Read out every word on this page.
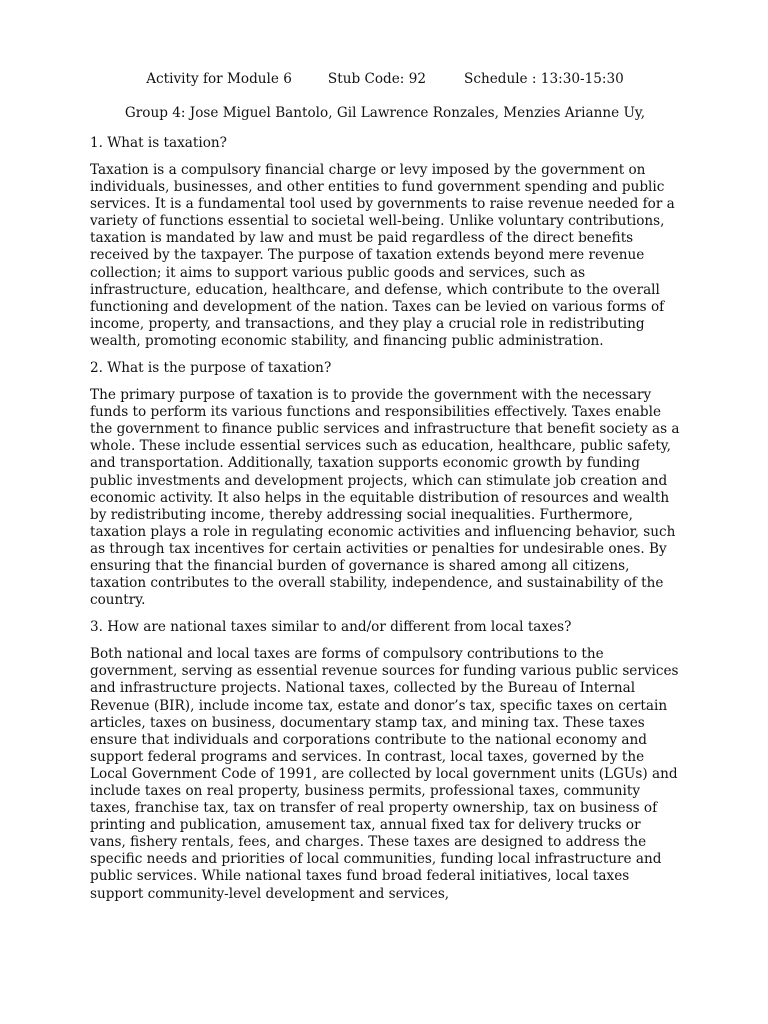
Activity for Module 6	Stub Code: 92	Schedule : 13:30-15:30

Group 4: Jose Miguel Bantolo, Gil Lawrence Ronzales, Menzies Arianne Uy,

1. What is taxation?

Taxation is a compulsory financial charge or levy imposed by the government on individuals, businesses, and other entities to fund government spending and public services. It is a fundamental tool used by governments to raise revenue needed for a variety of functions essential to societal well-being. Unlike voluntary contributions, taxation is mandated by law and must be paid regardless of the direct benefits received by the taxpayer. The purpose of taxation extends beyond mere revenue collection; it aims to support various public goods and services, such as infrastructure, education, healthcare, and defense, which contribute to the overall functioning and development of the nation. Taxes can be levied on various forms of income, property, and transactions, and they play a crucial role in redistributing wealth, promoting economic stability, and financing public administration.

2. What is the purpose of taxation?

The primary purpose of taxation is to provide the government with the necessary funds to perform its various functions and responsibilities effectively. Taxes enable the government to finance public services and infrastructure that benefit society as a whole. These include essential services such as education, healthcare, public safety, and transportation. Additionally, taxation supports economic growth by funding public investments and development projects, which can stimulate job creation and economic activity. It also helps in the equitable distribution of resources and wealth by redistributing income, thereby addressing social inequalities. Furthermore, taxation plays a role in regulating economic activities and influencing behavior, such as through tax incentives for certain activities or penalties for undesirable ones. By ensuring that the financial burden of governance is shared among all citizens, taxation contributes to the overall stability, independence, and sustainability of the country.

3. How are national taxes similar to and/or different from local taxes?

Both national and local taxes are forms of compulsory contributions to the government, serving as essential revenue sources for funding various public services and infrastructure projects. National taxes, collected by the Bureau of Internal Revenue (BIR), include income tax, estate and donor’s tax, specific taxes on certain articles, taxes on business, documentary stamp tax, and mining tax. These taxes ensure that individuals and corporations contribute to the national economy and support federal programs and services. In contrast, local taxes, governed by the Local Government Code of 1991, are collected by local government units (LGUs) and include taxes on real property, business permits, professional taxes, community taxes, franchise tax, tax on transfer of real property ownership, tax on business of printing and publication, amusement tax, annual fixed tax for delivery trucks or vans, fishery rentals, fees, and charges. These taxes are designed to address the specific needs and priorities of local communities, funding local infrastructure and public services. While national taxes fund broad federal initiatives, local taxes support community-level development and services,
